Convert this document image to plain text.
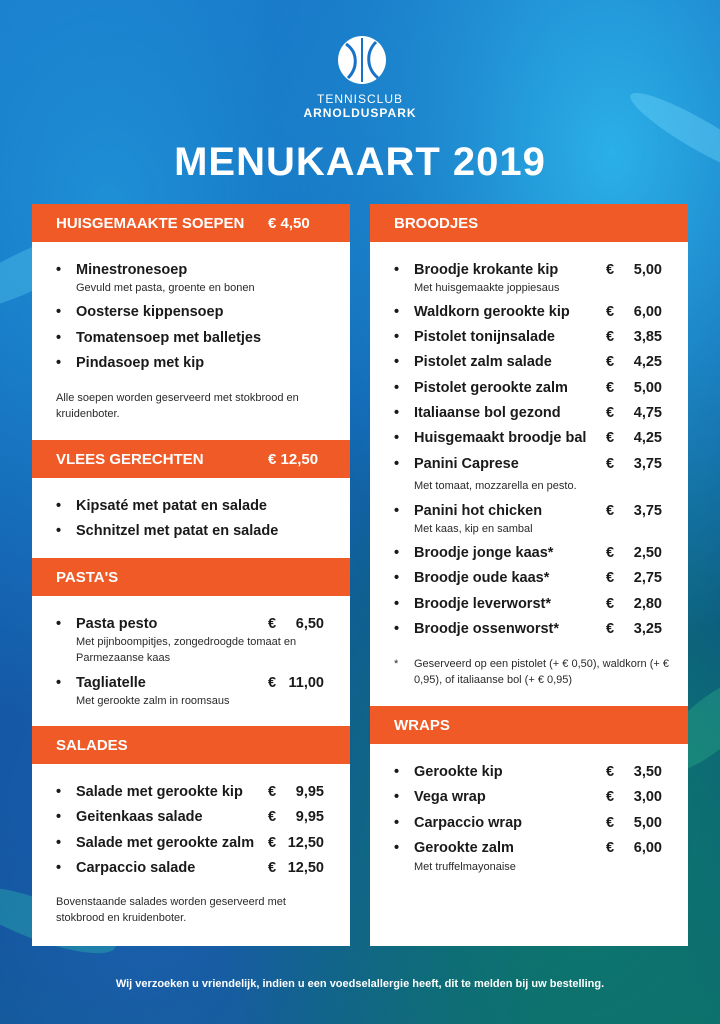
TENNISCLUB
ARNOLDUSPARK
MENUKAART 2019
HUISGEMAAKTE SOEPEN € 4,50
• Minestronesoep
Gevuld met pasta, groente en bonen
• Oosterse kippensoep
• Tomatensoep met balletjes
• Pindasoep met kip
Alle soepen worden geserveerd met stokbrood en kruidenboter.
VLEES GERECHTEN	€ 12,50
• Kipsaté met patat en salade
• Schnitzel met patat en salade
PASTA'S
• Pasta pesto	€ 6,50
Met pijnboompitjes, zongedroogde tomaat en Parmezaanse kaas
• Tagliatelle	€ 11,00
Met gerookte zalm in roomsaus
SALADES
• Salade met gerookte kip € 9,95
• Geitenkaas salade	€ 9,95
• Salade met gerookte zalm € 12,50
• Carpaccio salade	€ 12,50
Bovenstaande salades worden geserveerd met stokbrood en kruidenboter.
BROODJES
• Broodje krokante kip	€ 5,00
Met huisgemaakte joppiesaus
• Waldkorn gerookte kip € 6,00
• Pistolet tonijnsalade	€ 3,85
• Pistolet zalm salade	€ 4,25
• Pistolet gerookte zalm	€ 5,00
• Italiaanse bol gezond	€ 4,75
• Huisgemaakt broodje bal € 4,25
• Panini Caprese	€ 3,75
Met tomaat, mozzarella en pesto.
• Panini hot chicken	€ 3,75
Met kaas, kip en sambal
• Broodje jonge kaas*	€ 2,50
• Broodje oude kaas*	€ 2,75
• Broodje leverworst*	€ 2,80
• Broodje ossenworst*	€ 3,25
* Geserveerd op een pistolet (+ € 0,50), waldkorn (+ € 0,95), of italiaanse bol (+ € 0,95)
WRAPS
• Gerookte kip	€ 3,50
• Vega wrap	€ 3,00
• Carpaccio wrap	€ 5,00
• Gerookte zalm	€ 6,00
Met truffelmayonaise
Wij verzoeken u vriendelijk, indien u een voedselallergie heeft, dit te melden bij uw bestelling.
